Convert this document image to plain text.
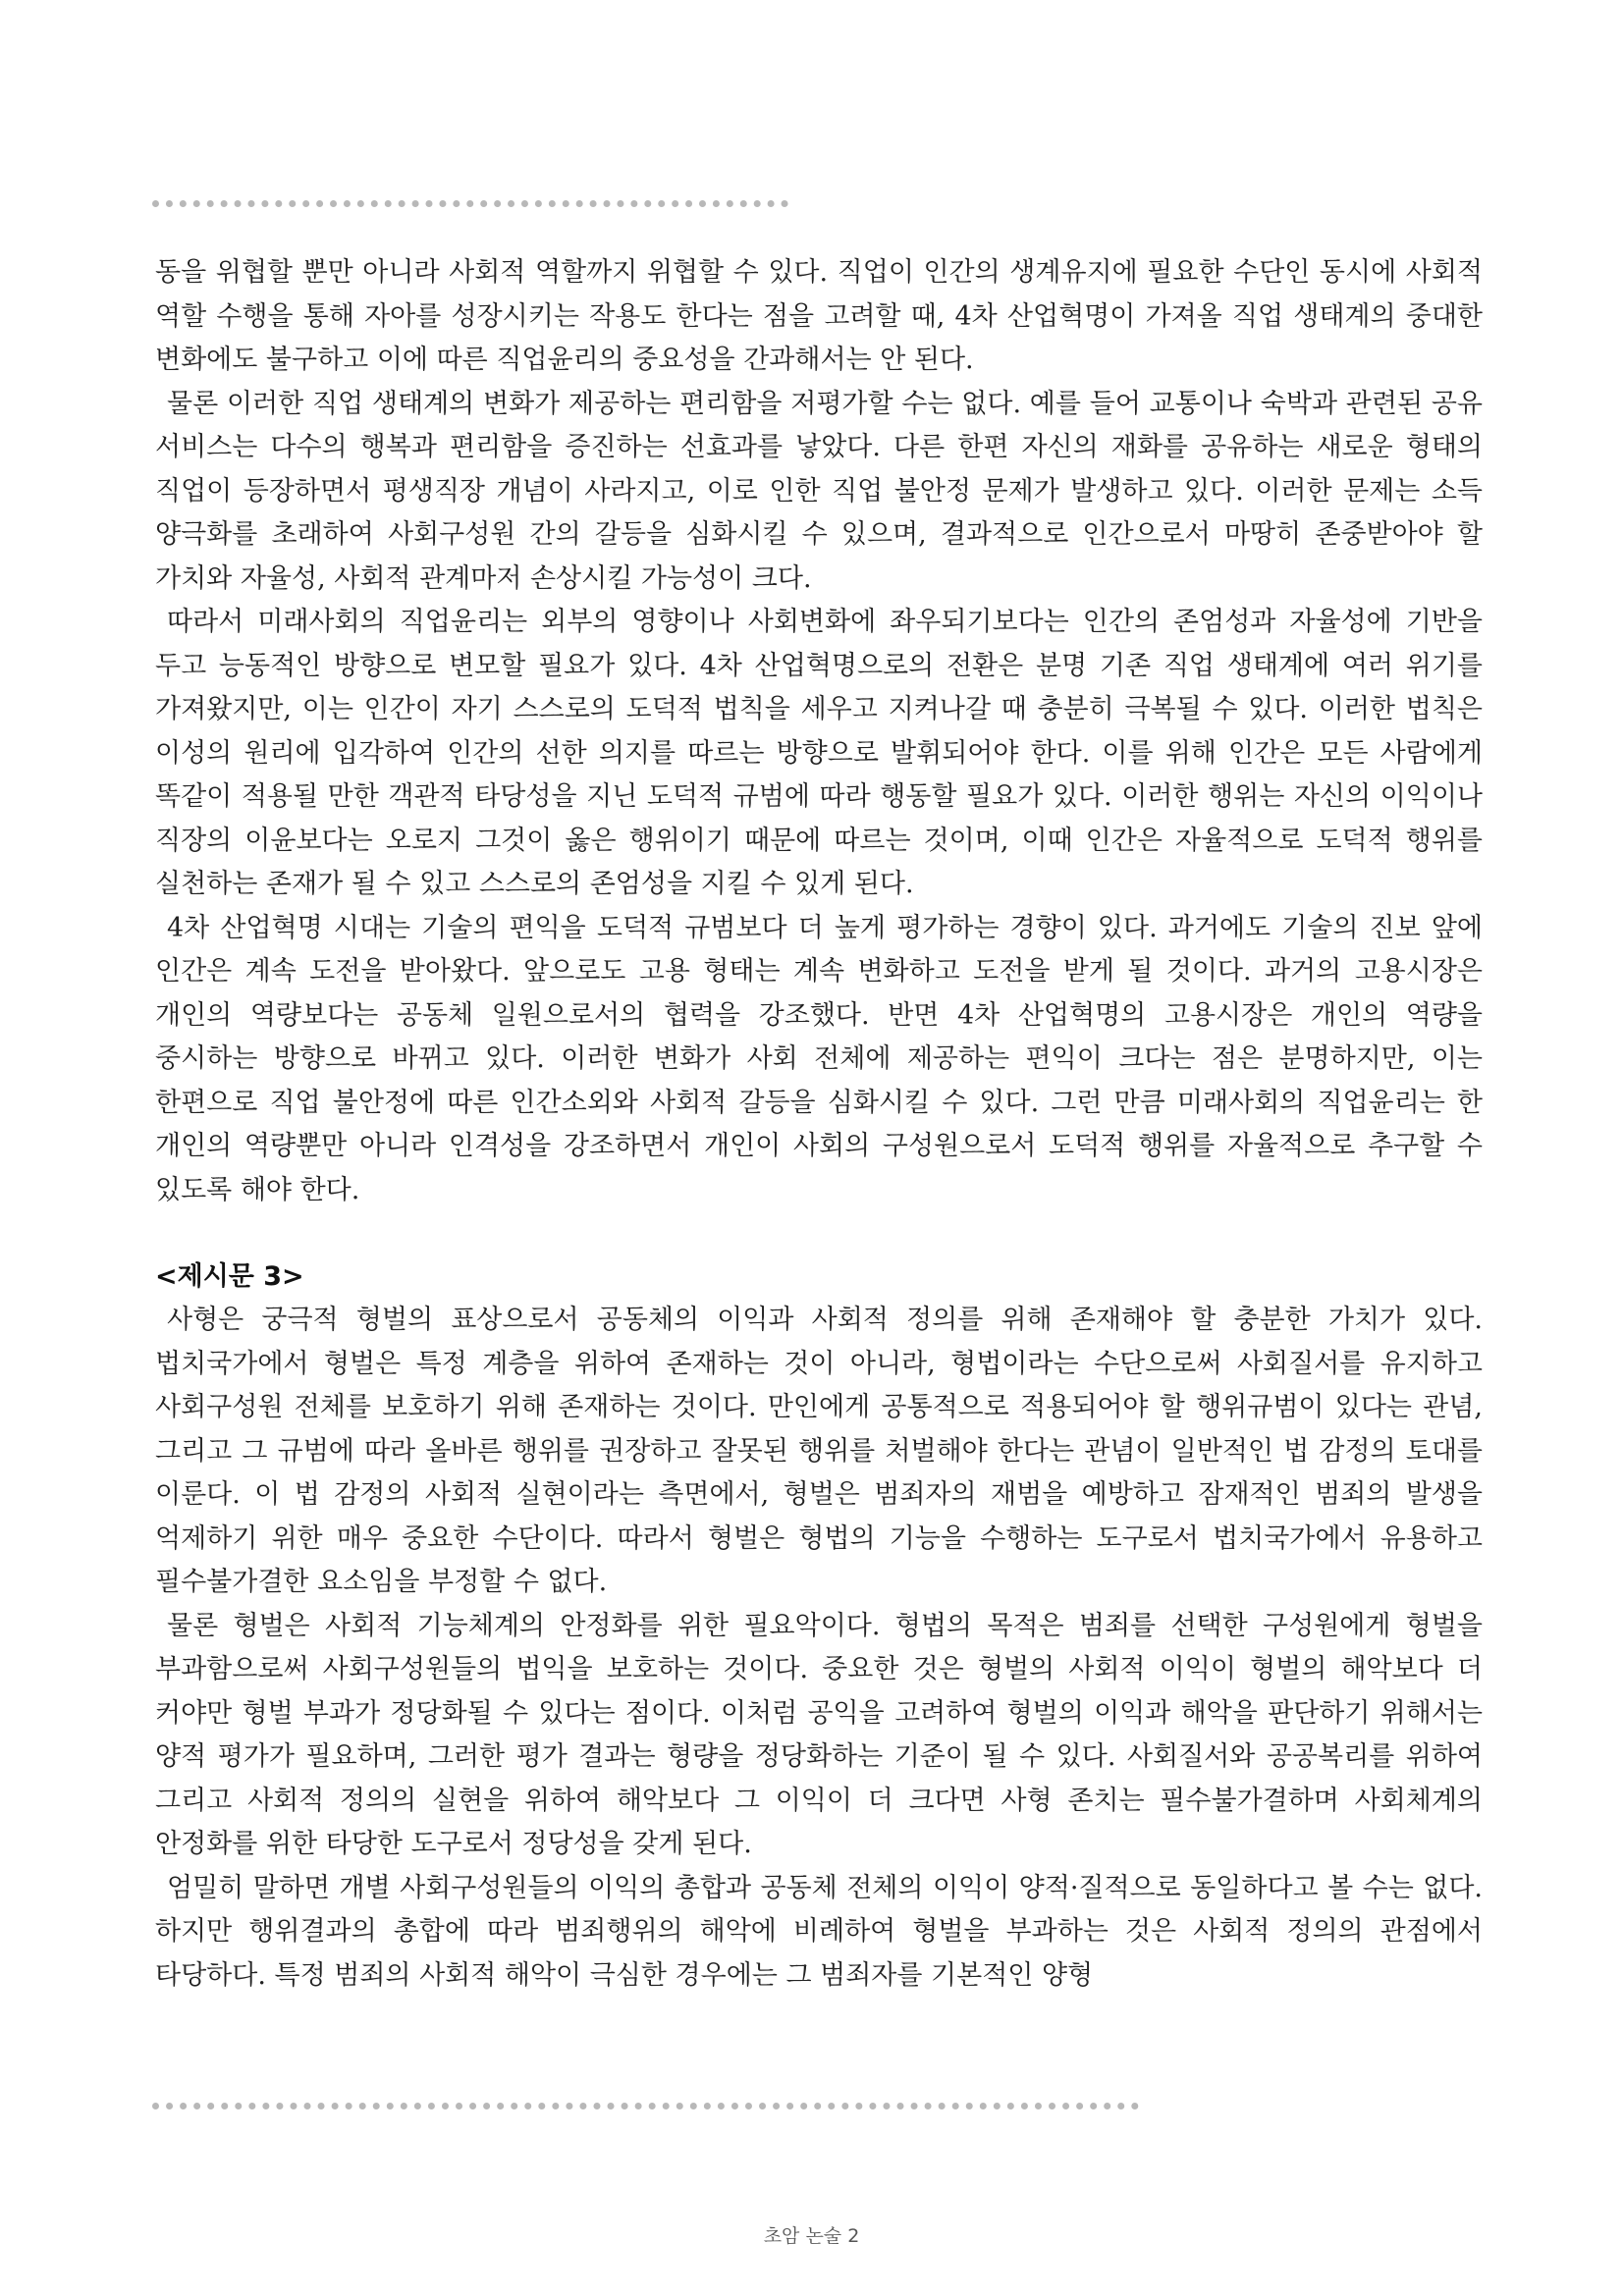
동을 위협할 뿐만 아니라 사회적 역할까지 위협할 수 있다. 직업이 인간의 생계유지에 필요한 수단인 동시에 사회적 역할 수행을 통해 자아를 성장시키는 작용도 한다는 점을 고려할 때, 4차 산업혁명이 가져올 직업 생태계의 중대한 변화에도 불구하고 이에 따른 직업윤리의 중요성을 간과해서는 안 된다.

물론 이러한 직업 생태계의 변화가 제공하는 편리함을 저평가할 수는 없다. 예를 들어 교통이나 숙박과 관련된 공유 서비스는 다수의 행복과 편리함을 증진하는 선효과를 낳았다. 다른 한편 자신의 재화를 공유하는 새로운 형태의 직업이 등장하면서 평생직장 개념이 사라지고, 이로 인한 직업 불안정 문제가 발생하고 있다. 이러한 문제는 소득 양극화를 초래하여 사회구성원 간의 갈등을 심화시킬 수 있으며, 결과적으로 인간으로서 마땅히 존중받아야 할 가치와 자율성, 사회적 관계마저 손상시킬 가능성이 크다.

따라서 미래사회의 직업윤리는 외부의 영향이나 사회변화에 좌우되기보다는 인간의 존엄성과 자율성에 기반을 두고 능동적인 방향으로 변모할 필요가 있다. 4차 산업혁명으로의 전환은 분명 기존 직업 생태계에 여러 위기를 가져왔지만, 이는 인간이 자기 스스로의 도덕적 법칙을 세우고 지켜나갈 때 충분히 극복될 수 있다. 이러한 법칙은 이성의 원리에 입각하여 인간의 선한 의지를 따르는 방향으로 발휘되어야 한다. 이를 위해 인간은 모든 사람에게 똑같이 적용될 만한 객관적 타당성을 지닌 도덕적 규범에 따라 행동할 필요가 있다. 이러한 행위는 자신의 이익이나 직장의 이윤보다는 오로지 그것이 옳은 행위이기 때문에 따르는 것이며, 이때 인간은 자율적으로 도덕적 행위를 실천하는 존재가 될 수 있고 스스로의 존엄성을 지킬 수 있게 된다.

4차 산업혁명 시대는 기술의 편익을 도덕적 규범보다 더 높게 평가하는 경향이 있다. 과거에도 기술의 진보 앞에 인간은 계속 도전을 받아왔다. 앞으로도 고용 형태는 계속 변화하고 도전을 받게 될 것이다. 과거의 고용시장은 개인의 역량보다는 공동체 일원으로서의 협력을 강조했다. 반면 4차 산업혁명의 고용시장은 개인의 역량을 중시하는 방향으로 바뀌고 있다. 이러한 변화가 사회 전체에 제공하는 편익이 크다는 점은 분명하지만, 이는 한편으로 직업 불안정에 따른 인간소외와 사회적 갈등을 심화시킬 수 있다. 그런 만큼 미래사회의 직업윤리는 한 개인의 역량뿐만 아니라 인격성을 강조하면서 개인이 사회의 구성원으로서 도덕적 행위를 자율적으로 추구할 수 있도록 해야 한다.

<제시문 3>

사형은 궁극적 형벌의 표상으로서 공동체의 이익과 사회적 정의를 위해 존재해야 할 충분한 가치가 있다. 법치국가에서 형벌은 특정 계층을 위하여 존재하는 것이 아니라, 형법이라는 수단으로써 사회질서를 유지하고 사회구성원 전체를 보호하기 위해 존재하는 것이다. 만인에게 공통적으로 적용되어야 할 행위규범이 있다는 관념, 그리고 그 규범에 따라 올바른 행위를 권장하고 잘못된 행위를 처벌해야 한다는 관념이 일반적인 법 감정의 토대를 이룬다. 이 법 감정의 사회적 실현이라는 측면에서, 형벌은 범죄자의 재범을 예방하고 잠재적인 범죄의 발생을 억제하기 위한 매우 중요한 수단이다. 따라서 형벌은 형법의 기능을 수행하는 도구로서 법치국가에서 유용하고 필수불가결한 요소임을 부정할 수 없다.

물론 형벌은 사회적 기능체계의 안정화를 위한 필요악이다. 형법의 목적은 범죄를 선택한 구성원에게 형벌을 부과함으로써 사회구성원들의 법익을 보호하는 것이다. 중요한 것은 형벌의 사회적 이익이 형벌의 해악보다 더 커야만 형벌 부과가 정당화될 수 있다는 점이다. 이처럼 공익을 고려하여 형벌의 이익과 해악을 판단하기 위해서는 양적 평가가 필요하며, 그러한 평가 결과는 형량을 정당화하는 기준이 될 수 있다. 사회질서와 공공복리를 위하여 그리고 사회적 정의의 실현을 위하여 해악보다 그 이익이 더 크다면 사형 존치는 필수불가결하며 사회체계의 안정화를 위한 타당한 도구로서 정당성을 갖게 된다.

엄밀히 말하면 개별 사회구성원들의 이익의 총합과 공동체 전체의 이익이 양적·질적으로 동일하다고 볼 수는 없다. 하지만 행위결과의 총합에 따라 범죄행위의 해악에 비례하여 형벌을 부과하는 것은 사회적 정의의 관점에서 타당하다. 특정 범죄의 사회적 해악이 극심한 경우에는 그 범죄자를 기본적인 양형

초암 논술 2
